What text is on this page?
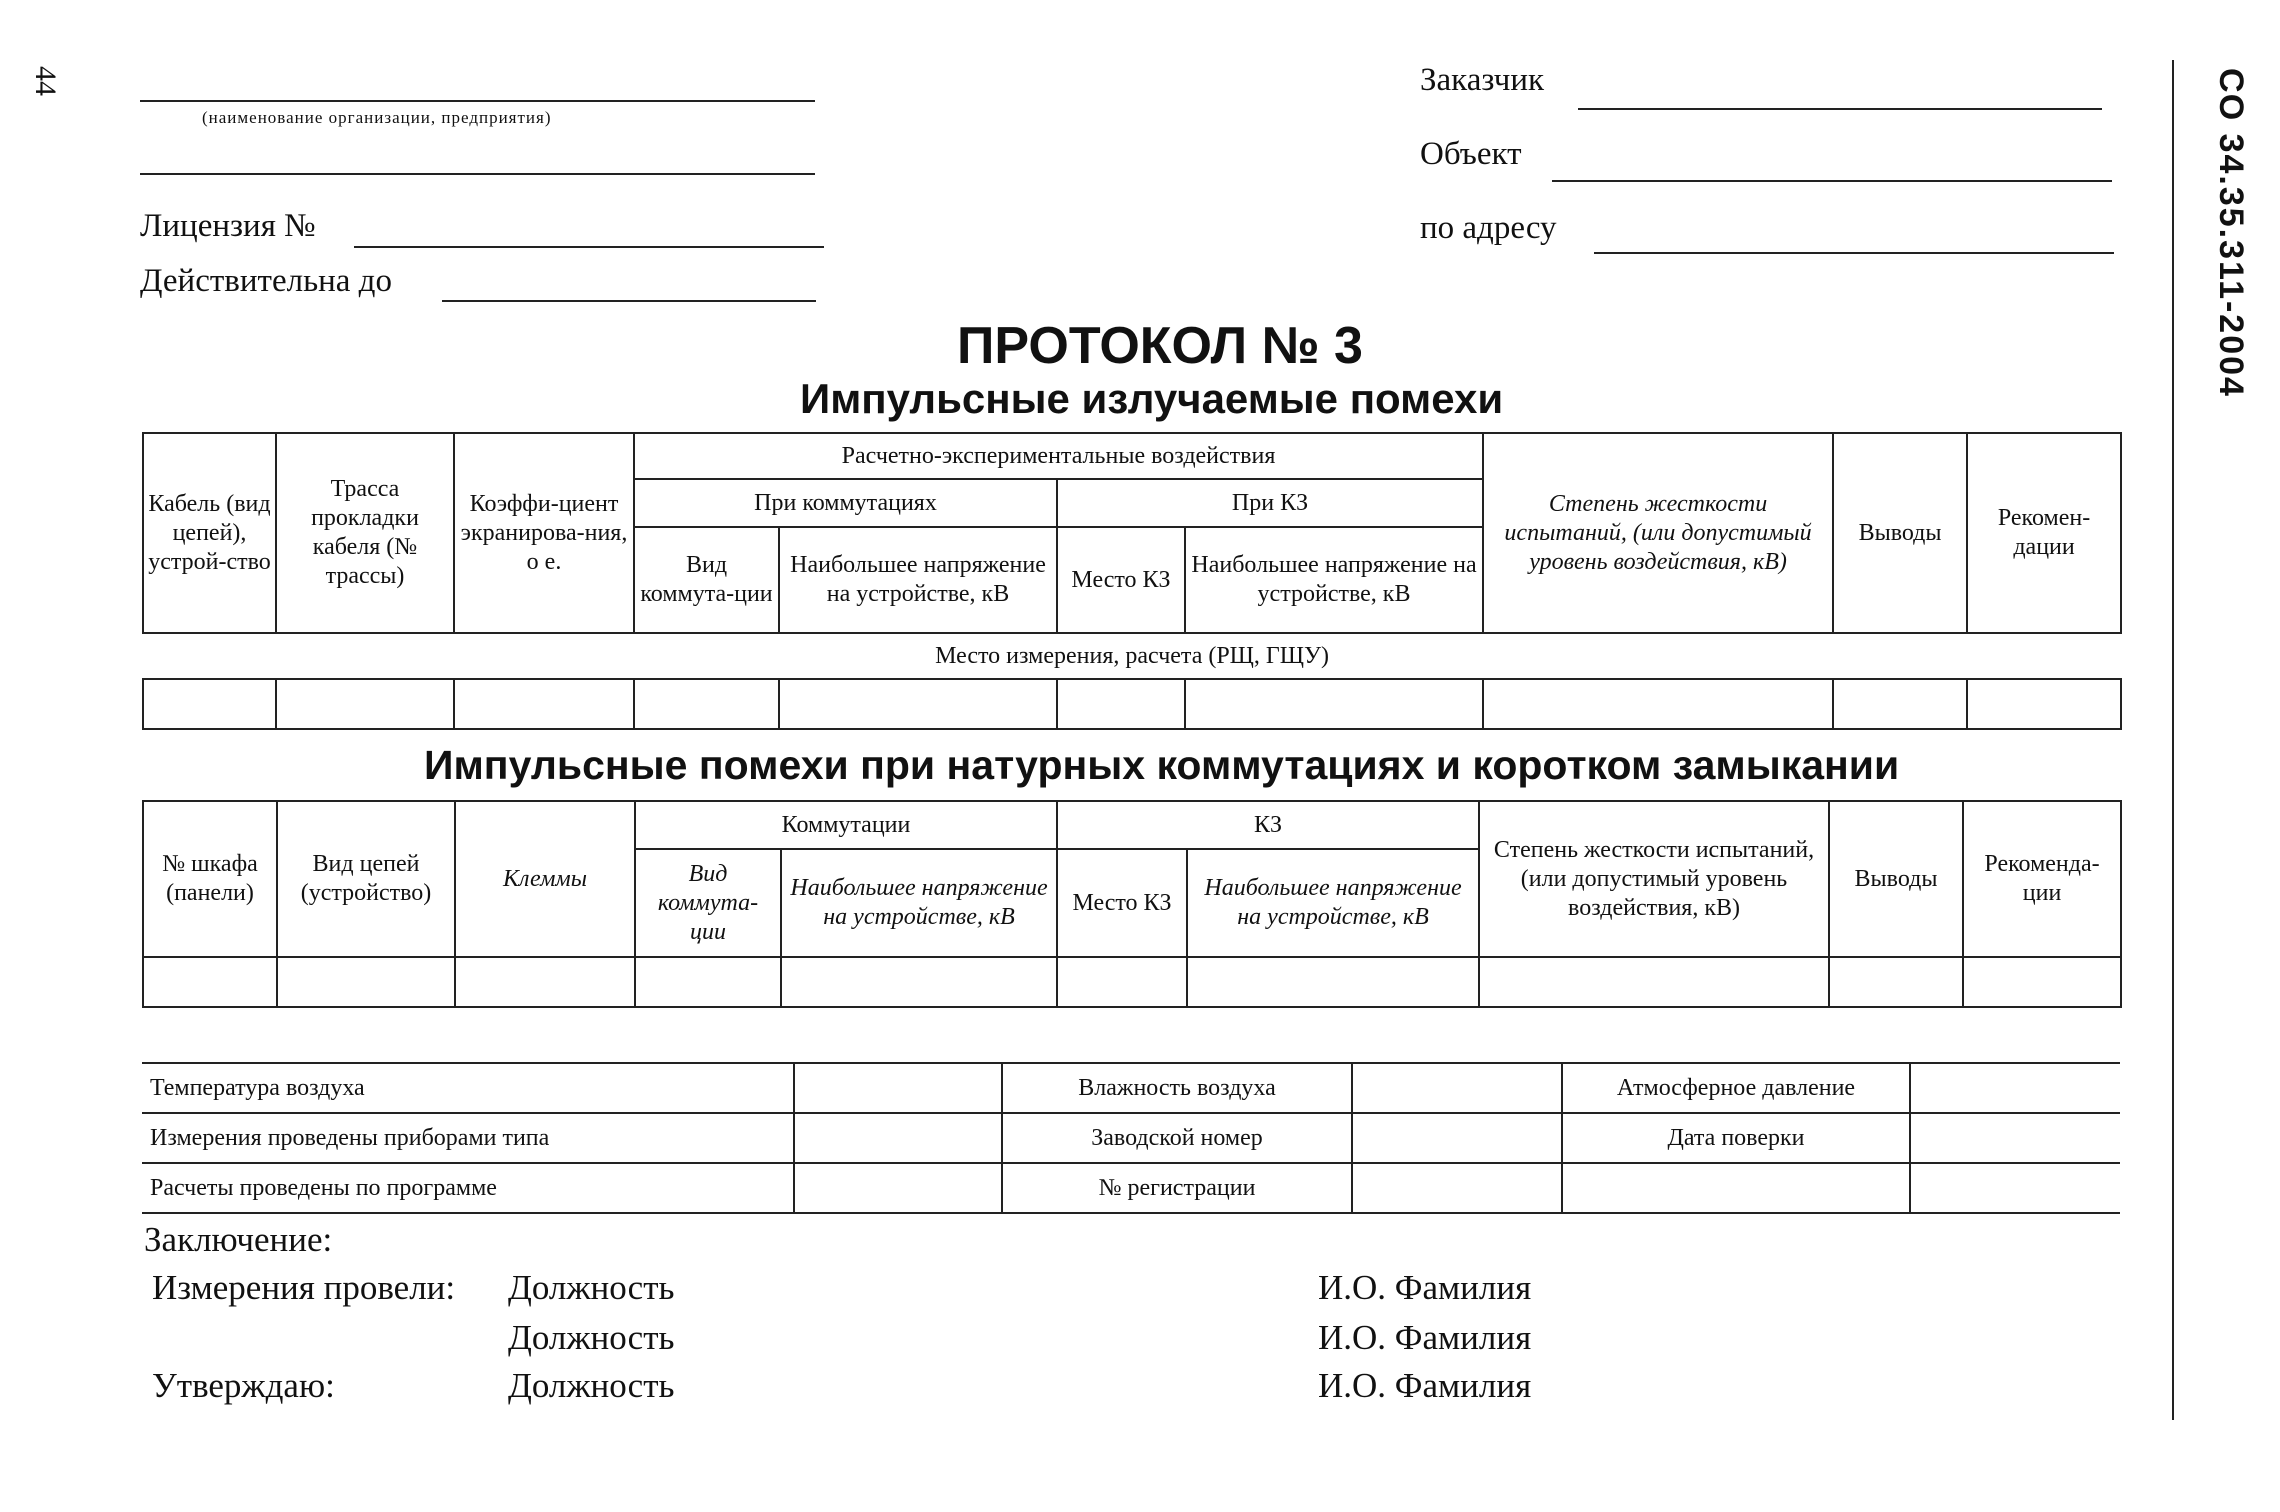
44	СО 34.35.311-2004
(наименование организации, предприятия)
Лицензия №
Действительна до
Заказчик
Объект
по адресу
ПРОТОКОЛ № 3
Импульсные излучаемые помехи
Кабель (вид цепей), устрой-ство	Трасса прокладки кабеля (№ трассы)	Коэффи-циент экранирова-ния, о е.	Расчетно-экспериментальные воздействия				Степень жесткости испытаний, (или допустимый уровень воздействия, кВ)	Выводы	Рекомен-дации
			При коммутациях		При КЗ				
			Вид коммута-ции	Наибольшее напряжение на устройстве, кВ	Место КЗ	Наибольшее напряжение на устройстве, кВ			
Место измерения, расчета (РЩ, ГЩУ)									

Импульсные помехи при натурных коммутациях и коротком замыкании
№ шкафа (панели)	Вид цепей (устройство)	Клеммы	Коммутации		КЗ		Степень жесткости испытаний, (или допустимый уровень воздействия, кВ)	Выводы	Рекоменда-ции
			Вид коммута-ции	Наибольшее напряжение на устройстве, кВ	Место КЗ	Наибольшее напряжение на устройстве, кВ			

Температура воздуха		Влажность воздуха		Атмосферное давление	
Измерения проведены приборами типа		Заводской номер		Дата поверки	
Расчеты проведены по программе		№ регистрации			
Заключение:
Измерения провели: Должность	И.О. Фамилия
Должность	И.О. Фамилия
Утверждаю:	Должность	И.О. Фамилия
